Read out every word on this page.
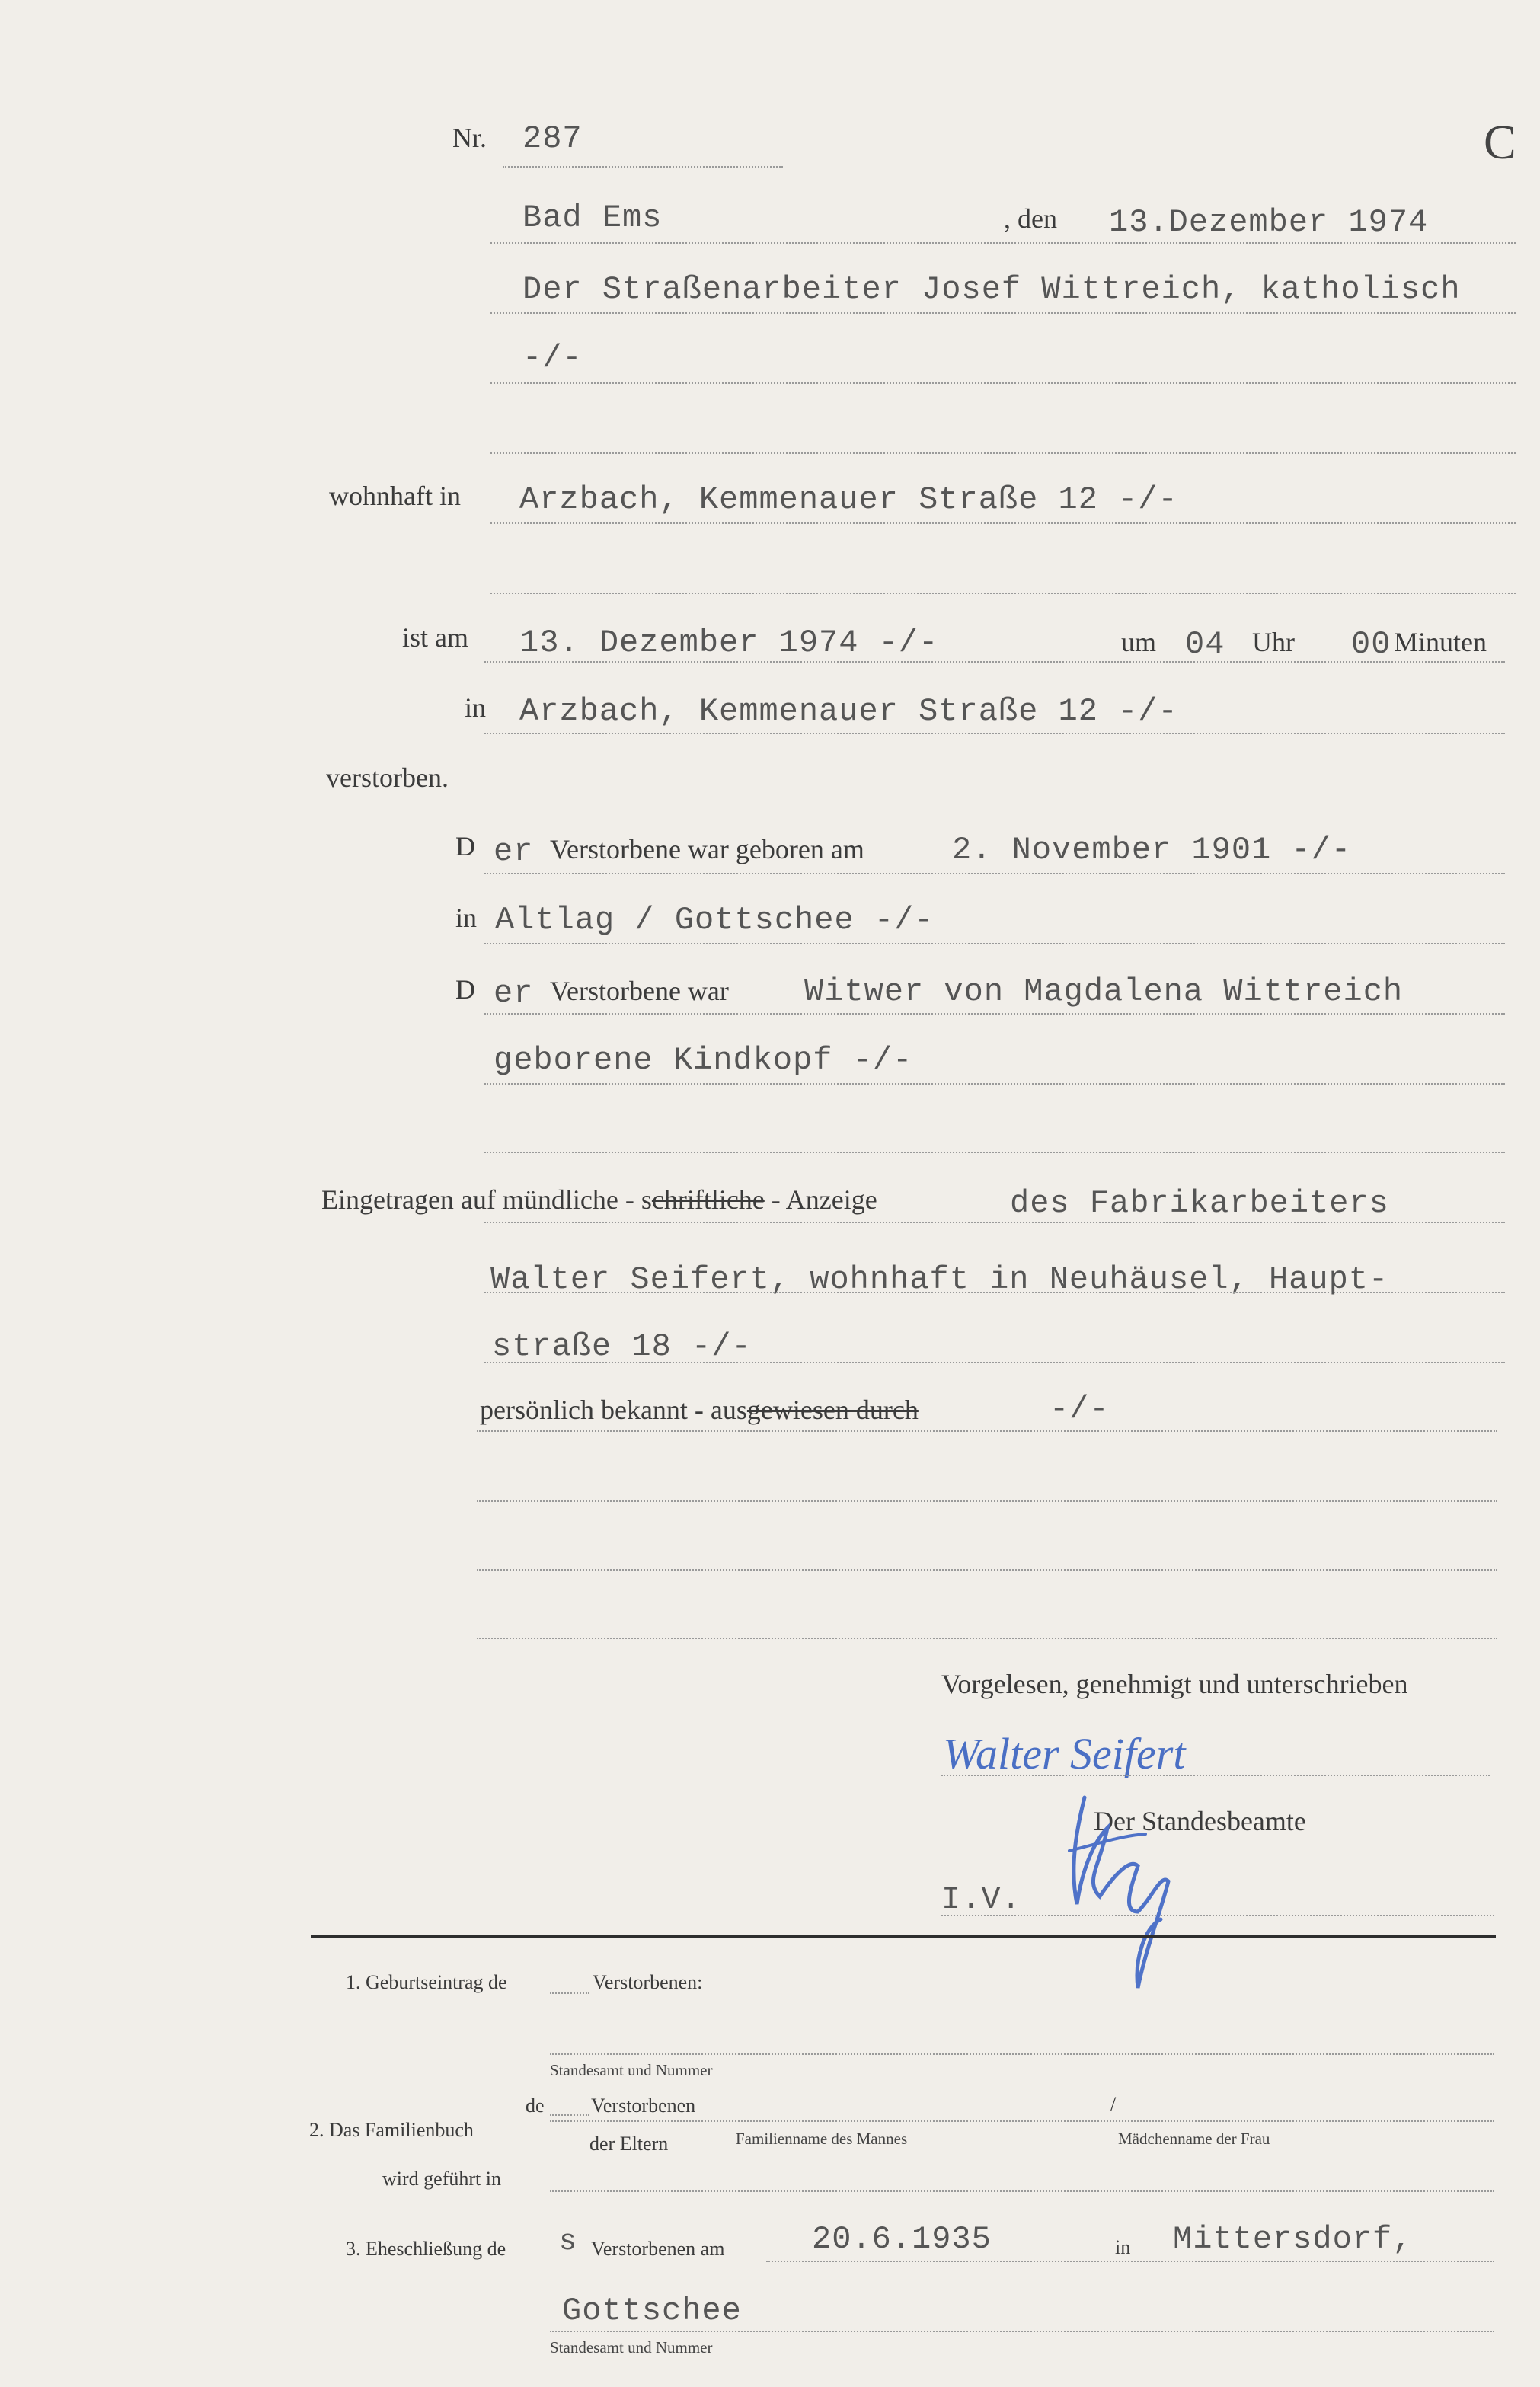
Nr. 287	C
Bad Ems	, den 13.Dezember 1974
Der Straßenarbeiter Josef Wittreich, katholisch
-/-
wohnhaft in Arzbach, Kemmenauer Straße 12 -/-
ist am 13. Dezember 1974 -/-	um 04 Uhr 00 Minuten
in Arzbach, Kemmenauer Straße 12 -/-
verstorben.
D er Verstorbene war geboren am	2. November 1901 -/-
in Altlag / Gottschee -/-
D er Verstorbene war Witwer von Magdalena Wittreich
geborene Kindkopf -/-
Eingetragen auf mündliche - schriftliche - Anzeige	des Fabrikarbeiters
Walter Seifert, wohnhaft in Neuhäusel, Haupt-
straße 18 -/-
persönlich bekannt - ausgewiesen durch	-/-
Vorgelesen, genehmigt und unterschrieben
Walter Seifert
Der Standesbeamte
I.V.
1. Geburtseintrag de	Verstorbenen:
Standesamt und Nummer
2. Das Familienbuch
de Verstorbenen
der Eltern	Familienname des Mannes
/
Mädchenname der Frau
wird geführt in
3. Eheschließung de s Verstorbenen am	20.6.1935	in Mittersdorf,
Gottschee
Standesamt und Nummer
